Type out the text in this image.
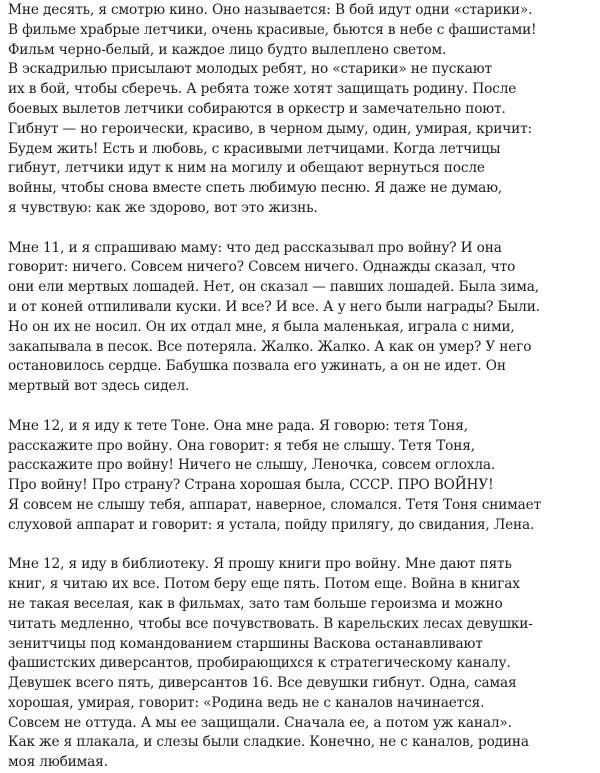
Мне десять, я смотрю кино. Оно называется: В бой идут одни «старики».
В фильме храбрые летчики, очень красивые, бьются в небе с фашистами!
Фильм черно-белый, и каждое лицо будто вылеплено светом.
В эскадрилью присылают молодых ребят, но «старики» не пускают
их в бой, чтобы сберечь. А ребята тоже хотят защищать родину. После
боевых вылетов летчики собираются в оркестр и замечательно поют.
Гибнут — но героически, красиво, в черном дыму, один, умирая, кричит:
Будем жить! Есть и любовь, с красивыми летчицами. Когда летчицы
гибнут, летчики идут к ним на могилу и обещают вернуться после
войны, чтобы снова вместе спеть любимую песню. Я даже не думаю,
я чувствую: как же здорово, вот это жизнь.

Мне 11, и я спрашиваю маму: что дед рассказывал про войну? И она
говорит: ничего. Совсем ничего? Совсем ничего. Однажды сказал, что
они ели мертвых лошадей. Нет, он сказал — павших лошадей. Была зима,
и от коней отпиливали куски. И все? И все. А у него были награды? Были.
Но он их не носил. Он их отдал мне, я была маленькая, играла с ними,
закапывала в песок. Все потеряла. Жалко. Жалко. А как он умер? У него
остановилось сердце. Бабушка позвала его ужинать, а он не идет. Он
мертвый вот здесь сидел.

Мне 12, и я иду к тете Тоне. Она мне рада. Я говорю: тетя Тоня,
расскажите про войну. Она говорит: я тебя не слышу. Тетя Тоня,
расскажите про войну! Ничего не слышу, Леночка, совсем оглохла.
Про войну! Про страну? Страна хорошая была, СССР. ПРО ВОЙНУ!
Я совсем не слышу тебя, аппарат, наверное, сломался. Тетя Тоня снимает
слуховой аппарат и говорит: я устала, пойду прилягу, до свидания, Лена.

Мне 12, я иду в библиотеку. Я прошу книги про войну. Мне дают пять
книг, я читаю их все. Потом беру еще пять. Потом еще. Война в книгах
не такая веселая, как в фильмах, зато там больше героизма и можно
читать медленно, чтобы все почувствовать. В карельских лесах девушки-
зенитчицы под командованием старшины Васкова останавливают
фашистских диверсантов, пробирающихся к стратегическому каналу.
Девушек всего пять, диверсантов 16. Все девушки гибнут. Одна, самая
хорошая, умирая, говорит: «Родина ведь не с каналов начинается.
Совсем не оттуда. А мы ее защищали. Сначала ее, а потом уж канал».
Как же я плакала, и слезы были сладкие. Конечно, не с каналов, родина
моя любимая.
